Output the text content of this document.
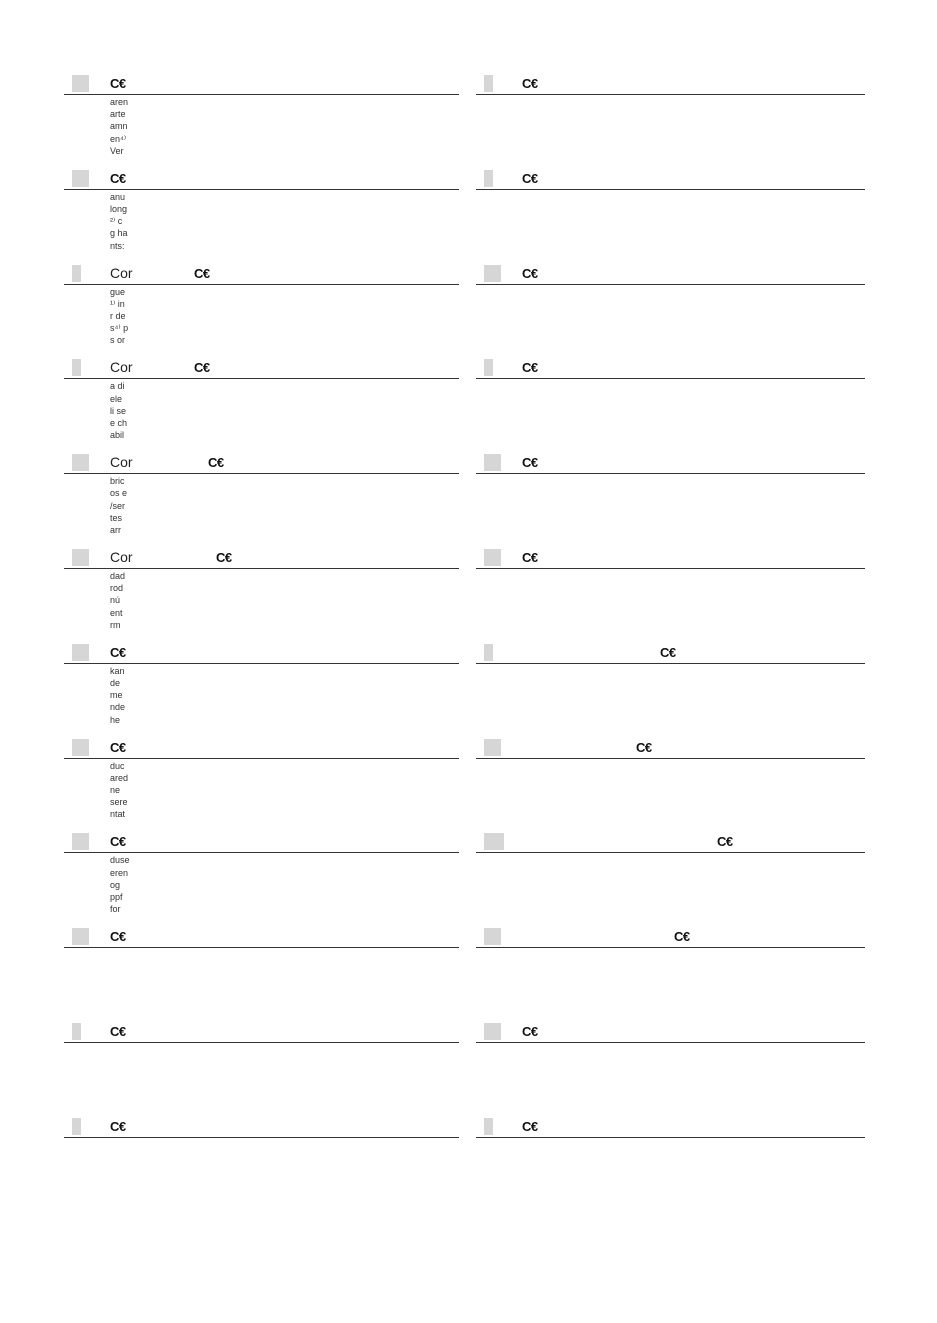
C€
aren
arte
amn
en⁴⁾
Ver
C€
anu
long
²⁾ c
g ha
nts:
Cor	C€
gue
¹⁾ in
r de
s⁴⁾ p
s or
Cor	C€
a di
ele
li se
e ch
abil
Cor	C€
bric
os e
/ser
tes
arr
Cor	C€
dad
rod
nú
ent
rm
C€
kan
de
me
nde
he
C€
duc
ared
ne
sere
ntat
C€
duse
eren
og
ppf
for
C€
C€
C€
C€
C€
C€
C€
C€
C€
C€
C€
C€
C€
C€
C€
